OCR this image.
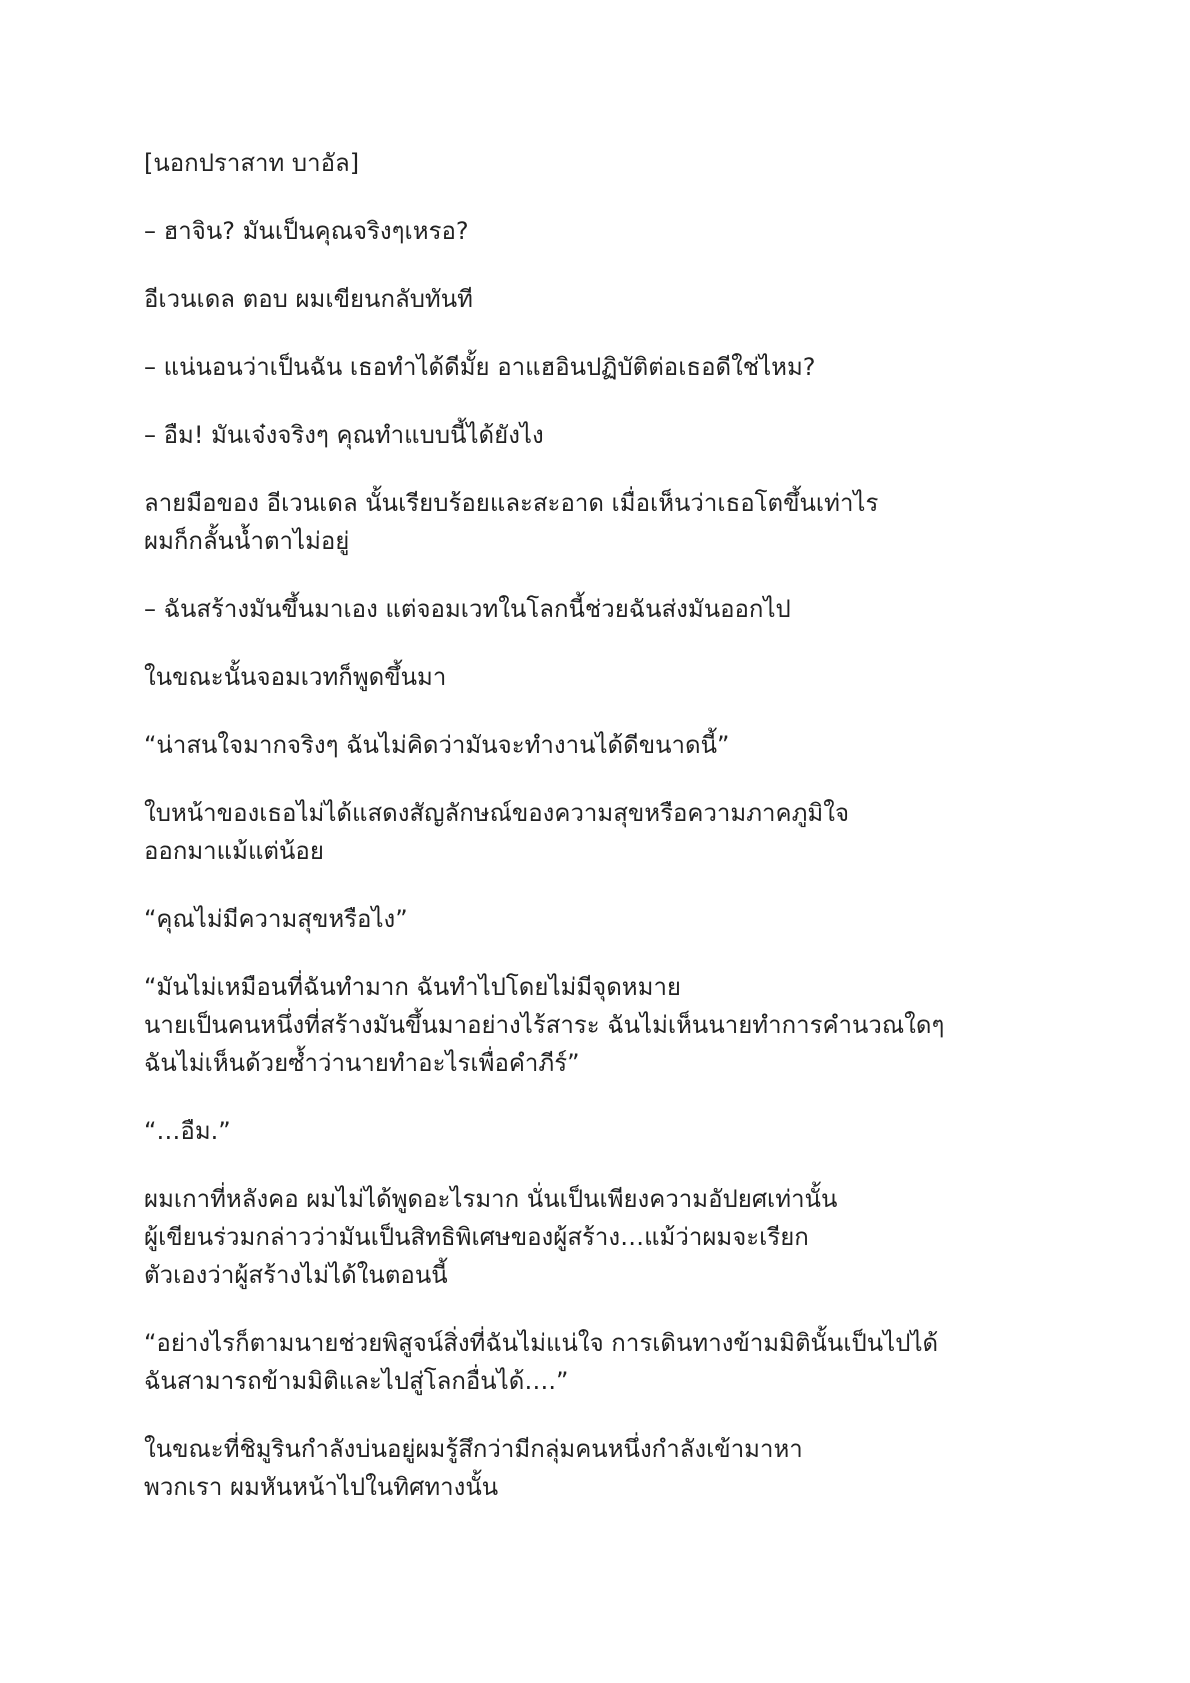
[นอกปราสาท บาอัล]

– ฮาจิน? มันเป็นคุณจริงๆเหรอ?

อีเวนเดล ตอบ ผมเขียนกลับทันที

– แน่นอนว่าเป็นฉัน เธอทำได้ดีมั้ย อาแฮอินปฏิบัติต่อเธอดีใช่ไหม?

– อืม! มันเจ๋งจริงๆ คุณทำแบบนี้ได้ยังไง

ลายมือของ อีเวนเดล นั้นเรียบร้อยและสะอาด เมื่อเห็นว่าเธอโตขึ้นเท่าไร
ผมก็กลั้นน้ำตาไม่อยู่

– ฉันสร้างมันขึ้นมาเอง แต่จอมเวทในโลกนี้ช่วยฉันส่งมันออกไป

ในขณะนั้นจอมเวทก็พูดขึ้นมา

“น่าสนใจมากจริงๆ ฉันไม่คิดว่ามันจะทำงานได้ดีขนาดนี้”

ใบหน้าของเธอไม่ได้แสดงสัญลักษณ์ของความสุขหรือความภาคภูมิใจ
ออกมาแม้แต่น้อย

“คุณไม่มีความสุขหรือไง”

“มันไม่เหมือนที่ฉันทำมาก ฉันทำไปโดยไม่มีจุดหมาย
นายเป็นคนหนึ่งที่สร้างมันขึ้นมาอย่างไร้สาระ ฉันไม่เห็นนายทำการคำนวณใดๆ
ฉันไม่เห็นด้วยซ้ำว่านายทำอะไรเพื่อคำภีร์”

“…อืม.”

ผมเกาที่หลังคอ ผมไม่ได้พูดอะไรมาก นั่นเป็นเพียงความอัปยศเท่านั้น
ผู้เขียนร่วมกล่าวว่ามันเป็นสิทธิพิเศษของผู้สร้าง…แม้ว่าผมจะเรียก
ตัวเองว่าผู้สร้างไม่ได้ในตอนนี้

“อย่างไรก็ตามนายช่วยพิสูจน์สิ่งที่ฉันไม่แน่ใจ การเดินทางข้ามมิตินั้นเป็นไปได้
ฉันสามารถข้ามมิติและไปสู่โลกอื่นได้….”

ในขณะที่ชิมูรินกำลังบ่นอยู่ผมรู้สึกว่ามีกลุ่มคนหนึ่งกำลังเข้ามาหา
พวกเรา ผมหันหน้าไปในทิศทางนั้น
